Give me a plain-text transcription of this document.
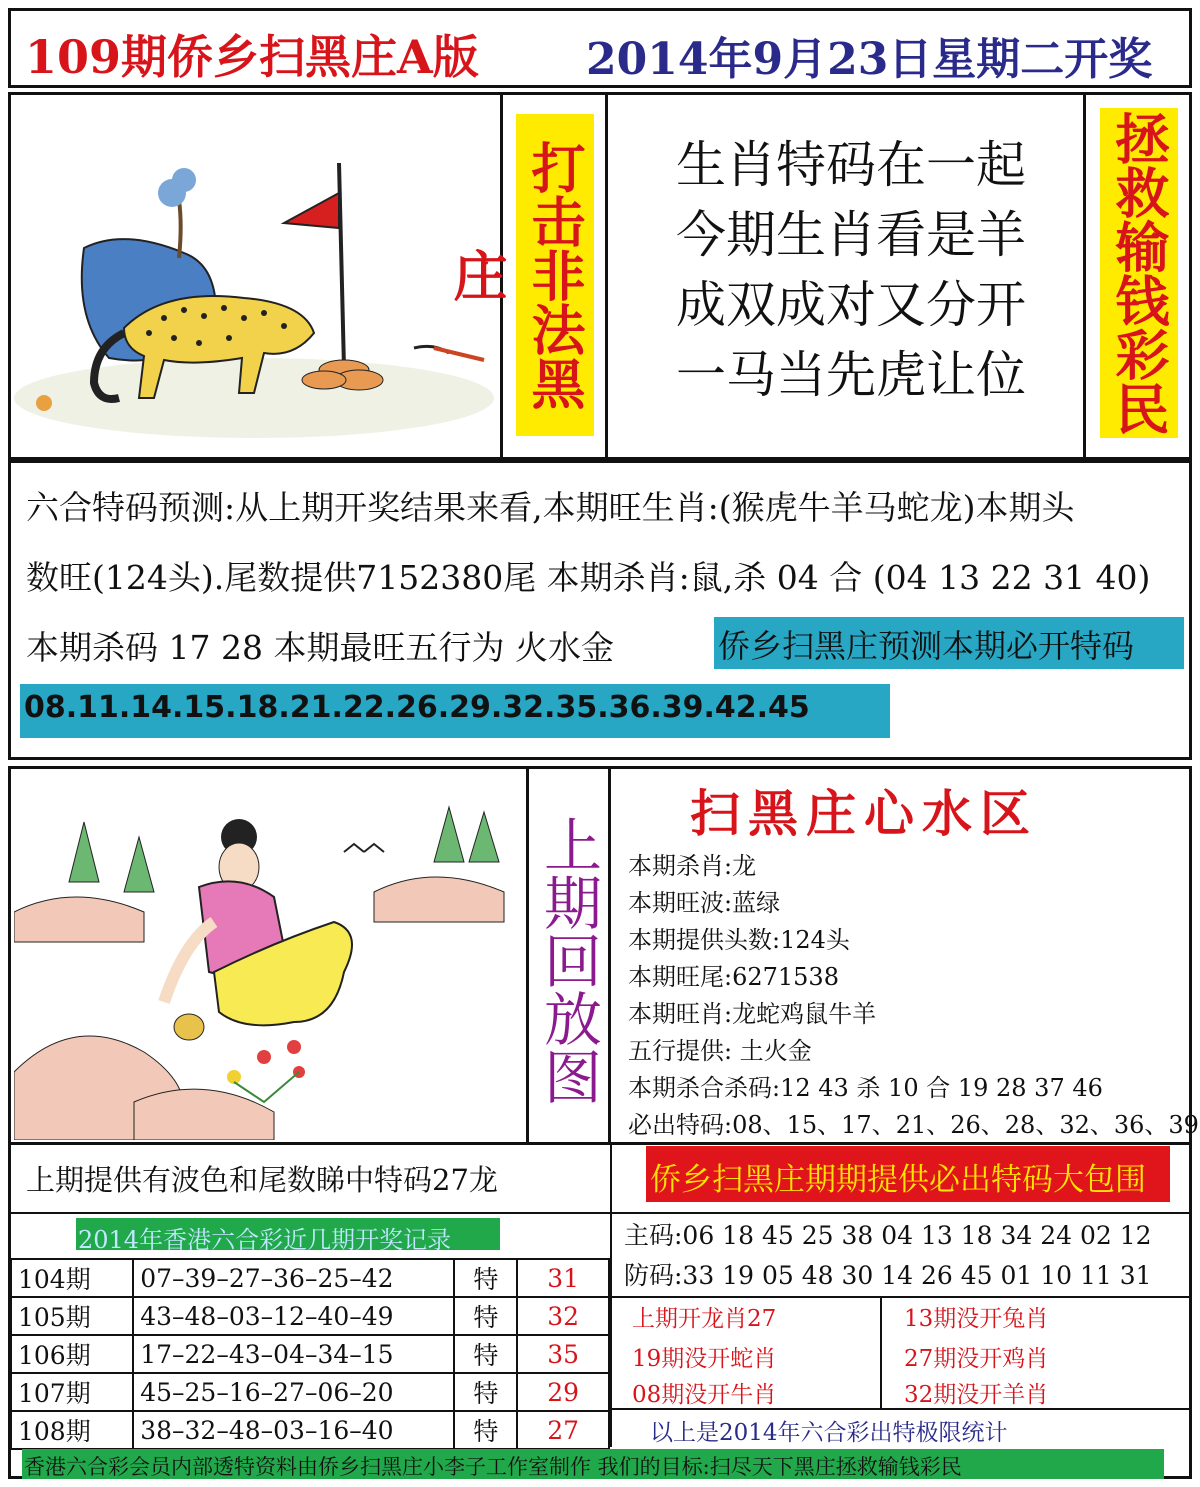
109期侨乡扫黑庄A版 2014年9月23日星期二开奖
打击非法黑庄
生肖特码在一起
今期生肖看是羊
成双成对又分开
一马当先虎让位	拯救输钱彩民
六合特码预测:从上期开奖结果来看,本期旺生肖:(猴虎牛羊马蛇龙)本期头
数旺(124头).尾数提供7152380尾 本期杀肖:鼠,杀 04 合 (04 13 22 31 40)
本期杀码 17 28 本期最旺五行为 火水金	侨乡扫黑庄预测本期必开特码
08.11.14.15.18.21.22.26.29.32.35.36.39.42.45
上期回放图
扫黑庄心水区
本期杀肖:龙
本期旺波:蓝绿
本期提供头数:124头
本期旺尾:6271538
本期旺肖:龙蛇鸡鼠牛羊
五行提供: 土火金
本期杀合杀码:12 43 杀 10 合 19 28 37 46
必出特码:08、15、17、21、26、28、32、36、39
上期提供有波色和尾数睇中特码27龙	侨乡扫黑庄期期提供必出特码大包围
2014年香港六合彩近几期开奖记录	主码:06 18 45 25 38 04 13 18 34 24 02 12
防码:33 19 05 48 30 14 26 45 01 10 11 31
104期	07–39–27–36–25–42	特	31
105期	43–48–03–12–40–49	特	32
106期	17–22–43–04–34–15	特	35
107期	45–25–16–27–06–20	特	29
108期	38–32–48–03–16–40	特	27
上期开龙肖27	13期没开兔肖
19期没开蛇肖	27期没开鸡肖
08期没开牛肖	32期没开羊肖
以上是2014年六合彩出特极限统计
香港六合彩会员内部透特资料由侨乡扫黑庄小李子工作室制作 我们的目标:扫尽天下黑庄拯救输钱彩民
